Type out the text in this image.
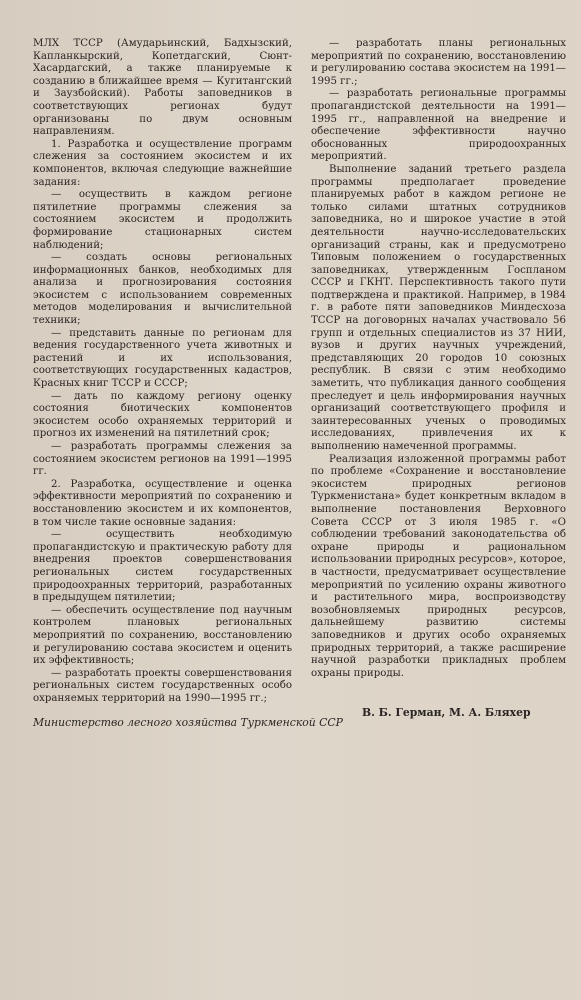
МЛХ ТССР (Амударьинский, Бадхызский, Капланкырский, Копетдагский, Сюнт-Хасардагский, а также планируемые к созданию в ближайшее время — Кугитангский и Заузбойский). Работы заповедников в соответствующих регионах будут организованы по двум основным направлениям.

1. Разработка и осуществление программ слежения за состоянием экосистем и их компонентов, включая следующие важнейшие задания:

— осуществить в каждом регионе пятилетние программы слежения за состоянием экосистем и продолжить формирование стационарных систем наблюдений;

— создать основы региональных информационных банков, необходимых для анализа и прогнозирования состояния экосистем с использованием современных методов моделирования и вычислительной техники;

— представить данные по регионам для ведения государственного учета животных и растений и их использования, соответствующих государственных кадастров, Красных книг ТССР и СССР;

— дать по каждому региону оценку состояния биотических компонентов экосистем особо охраняемых территорий и прогноз их изменений на пятилетний срок;

— разработать программы слежения за состоянием экосистем регионов на 1991—1995 гг.

2. Разработка, осуществление и оценка эффективности мероприятий по сохранению и восстановлению экосистем и их компонентов, в том числе такие основные задания:

— осуществить необходимую пропагандистскую и практическую работу для внедрения проектов совершенствования региональных систем государственных природоохранных территорий, разработанных в предыдущем пятилетии;

— обеспечить осуществление под научным контролем плановых региональных мероприятий по сохранению, восстановлению и регулированию состава экосистем и оценить их эффективность;

— разработать проекты совершенствования региональных систем государственных особо охраняемых территорий на 1990—1995 гг.;

— разработать планы региональных мероприятий по сохранению, восстановлению и регулированию состава экосистем на 1991—1995 гг.;

— разработать региональные программы пропагандистской деятельности на 1991—1995 гг., направленной на внедрение и обеспечение эффективности научно обоснованных природоохранных мероприятий.

Выполнение заданий третьего раздела программы предполагает проведение планируемых работ в каждом регионе не только силами штатных сотрудников заповедника, но и широкое участие в этой деятельности научно-исследовательских организаций страны, как и предусмотрено Типовым положением о государственных заповедниках, утвержденным Госпланом СССР и ГКНТ. Перспективность такого пути подтверждена и практикой. Например, в 1984 г. в работе пяти заповедников Миндесхоза ТССР на договорных началах участвовало 56 групп и отдельных специалистов из 37 НИИ, вузов и других научных учреждений, представляющих 20 городов 10 союзных республик. В связи с этим необходимо заметить, что публикация данного сообщения преследует и цель информирования научных организаций соответствующего профиля и заинтересованных ученых о проводимых исследованиях, привлечения их к выполнению намеченной программы.

Реализация изложенной программы работ по проблеме «Сохранение и восстановление экосистем природных регионов Туркменистана» будет конкретным вкладом в выполнение постановления Верховного Совета СССР от 3 июля 1985 г. «О соблюдении требований законодательства об охране природы и рациональном использовании природных ресурсов», которое, в частности, предусматривает осуществление мероприятий по усилению охраны животного и растительного мира, воспроизводству возобновляемых природных ресурсов, дальнейшему развитию системы заповедников и других особо охраняемых природных территорий, а также расширение научной разработки прикладных проблем охраны природы.

В. Б. Герман, М. А. Бляхер
Министерство лесного хозяйства Туркменской ССР
